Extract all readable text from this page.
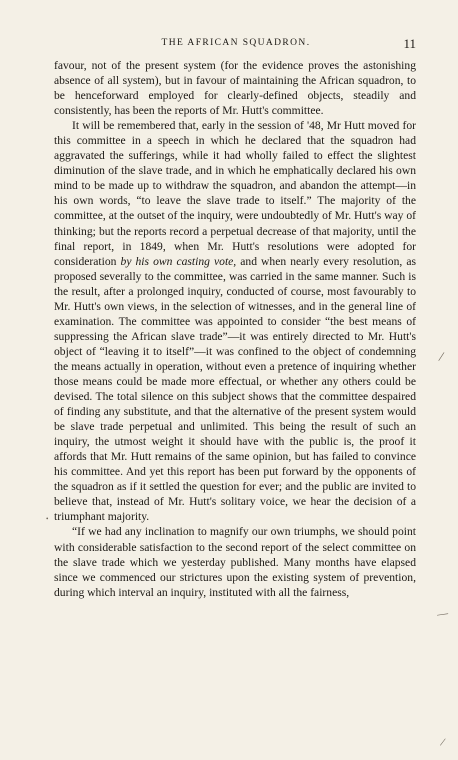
THE AFRICAN SQUADRON.	11

favour, not of the present system (for the evidence proves the astonishing absence of all system), but in favour of maintaining the African squadron, to be henceforward employed for clearly-defined objects, steadily and consistently, has been the reports of Mr. Hutt's committee.

It will be remembered that, early in the session of '48, Mr Hutt moved for this committee in a speech in which he declared that the squadron had aggravated the sufferings, while it had wholly failed to effect the slightest diminution of the slave trade, and in which he emphatically declared his own mind to be made up to withdraw the squadron, and abandon the attempt—in his own words, “to leave the slave trade to itself.” The majority of the committee, at the outset of the inquiry, were undoubtedly of Mr. Hutt's way of thinking; but the reports record a perpetual decrease of that majority, until the final report, in 1849, when Mr. Hutt's resolutions were adopted for consideration by his own casting vote, and when nearly every resolution, as proposed severally to the committee, was carried in the same manner. Such is the result, after a prolonged inquiry, conducted of course, most favourably to Mr. Hutt's own views, in the selection of witnesses, and in the general line of examination. The committee was appointed to consider “the best means of suppressing the African slave trade”—it was entirely directed to Mr. Hutt's object of “leaving it to itself”—it was confined to the object of condemning the means actually in operation, without even a pretence of inquiring whether those means could be made more effectual, or whether any others could be devised. The total silence on this subject shows that the committee despaired of finding any substitute, and that the alternative of the present system would be slave trade perpetual and unlimited. This being the result of such an inquiry, the utmost weight it should have with the public is, the proof it affords that Mr. Hutt remains of the same opinion, but has failed to convince his committee. And yet this report has been put forward by the opponents of the squadron as if it settled the question for ever; and the public are invited to believe that, instead of Mr. Hutt's solitary voice, we hear the decision of a triumphant majority.

“If we had any inclination to magnify our own triumphs, we should point with considerable satisfaction to the second report of the select committee on the slave trade which we yesterday published. Many months have elapsed since we commenced our strictures upon the existing system of prevention, during which interval an inquiry, instituted with all the fairness,

/
—
/
•
